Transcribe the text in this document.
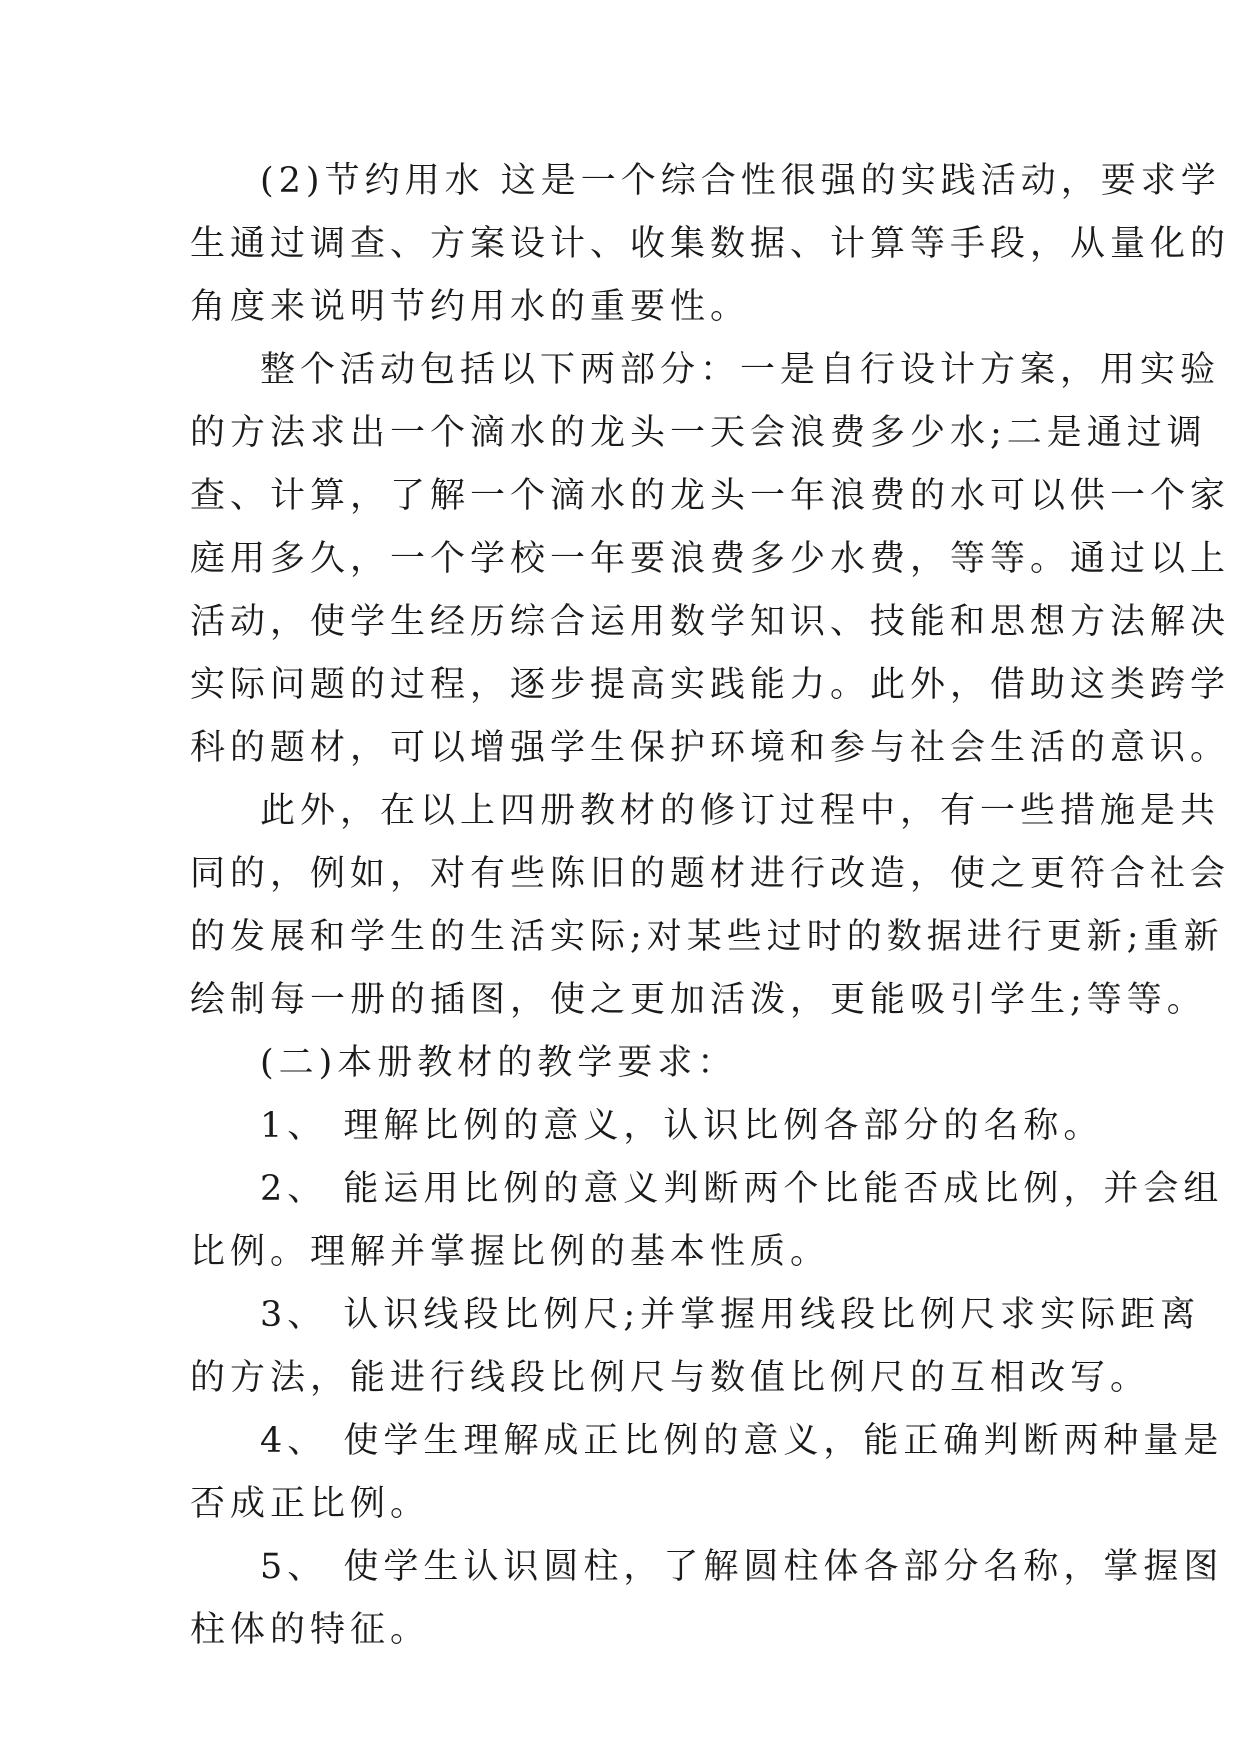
(2)节约用水 这是一个综合性很强的实践活动，要求学
生通过调查、方案设计、收集数据、计算等手段，从量化的
角度来说明节约用水的重要性。
整个活动包括以下两部分：一是自行设计方案，用实验
的方法求出一个滴水的龙头一天会浪费多少水;二是通过调
查、计算，了解一个滴水的龙头一年浪费的水可以供一个家
庭用多久，一个学校一年要浪费多少水费，等等。通过以上
活动，使学生经历综合运用数学知识、技能和思想方法解决
实际问题的过程，逐步提高实践能力。此外，借助这类跨学
科的题材，可以增强学生保护环境和参与社会生活的意识。
此外，在以上四册教材的修订过程中，有一些措施是共
同的，例如，对有些陈旧的题材进行改造，使之更符合社会
的发展和学生的生活实际;对某些过时的数据进行更新;重新
绘制每一册的插图，使之更加活泼，更能吸引学生;等等。
(二)本册教材的教学要求：
1、 理解比例的意义，认识比例各部分的名称。
2、 能运用比例的意义判断两个比能否成比例，并会组
比例。理解并掌握比例的基本性质。
3、 认识线段比例尺;并掌握用线段比例尺求实际距离
的方法，能进行线段比例尺与数值比例尺的互相改写。
4、 使学生理解成正比例的意义，能正确判断两种量是
否成正比例。
5、 使学生认识圆柱，了解圆柱体各部分名称，掌握图
柱体的特征。
